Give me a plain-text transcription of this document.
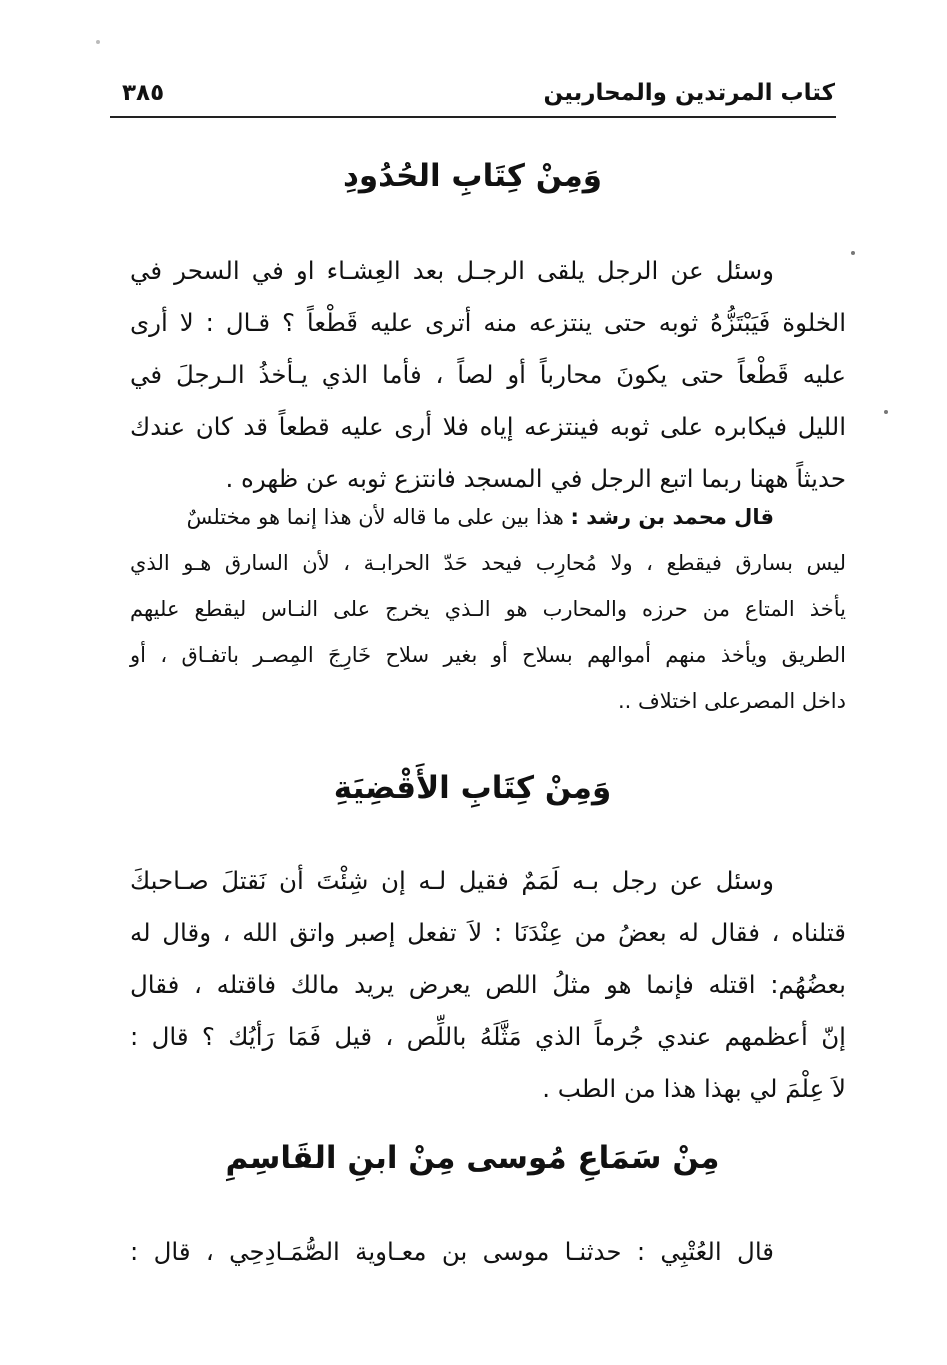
كتاب المرتدين والمحاربين
٣٨٥
وَمِنْ كِتَابِ الحُدُودِ
وسئل عن الرجل يلقى الرجـل بعد العِشـاء او في السحر في
الخلوة فَيَبْتَزُّهُ ثوبه حتى ينتزعه منه أترى عليه قَطْعاً ؟ قـال : لا أرى
عليه قَطْعاً حتى يكونَ محارباً أو لصاً ، فأما الذي يـأخذُ الـرجلَ في
الليل فيكابره على ثوبه فينتزعه إياه فلا أرى عليه قطعاً قد كان عندك
حديثاً ههنا ربما اتبع الرجل في المسجد فانتزع ثوبه عن ظهره .
قال محمد بن رشد : هذا بين على ما قاله لأن هذا إنما هو مختلسٌ
ليس بسارق فيقطع ، ولا مُحارِب فيحد حَدّ الحرابـة ، لأن السارق هـو الذي
يأخذ المتاع من حرزه والمحارب هو الـذي يخرج على النـاس ليقطع عليهم
الطريق ويأخذ منهم أموالهم بسلاح أو بغير سلاح خَارِجَ المِصـر باتفـاق ، أو
داخل المصرعلى اختلاف ..
وَمِنْ كِتَابِ الأَقْضِيَةِ
وسئل عن رجل بـه لَمَمٌ فقيل لـه إن شِئْتَ أن نَقتلَ صـاحبكَ
قتلناه ، فقال له بعضُ من عِنْدَنَا : لاَ تفعل إصبر واتق الله ، وقال له
بعضُهُم: اقتله فإنما هو مثلُ اللص يعرض يريد مالك فاقتله ، فقال
إنّ أعظمهم عندي جُرماً الذي مَثَّلَهُ باللِّص ، قيل فَمَا رَأيُك ؟ قال :
لاَ عِلْمَ لي بهذا هذا من الطب .
مِنْ سَمَاعِ مُوسى مِنْ ابنِ القَاسِمِ
قال العُتْبِي : حدثنـا موسى بن معـاوية الصُّمَـادِحِي ، قال :
